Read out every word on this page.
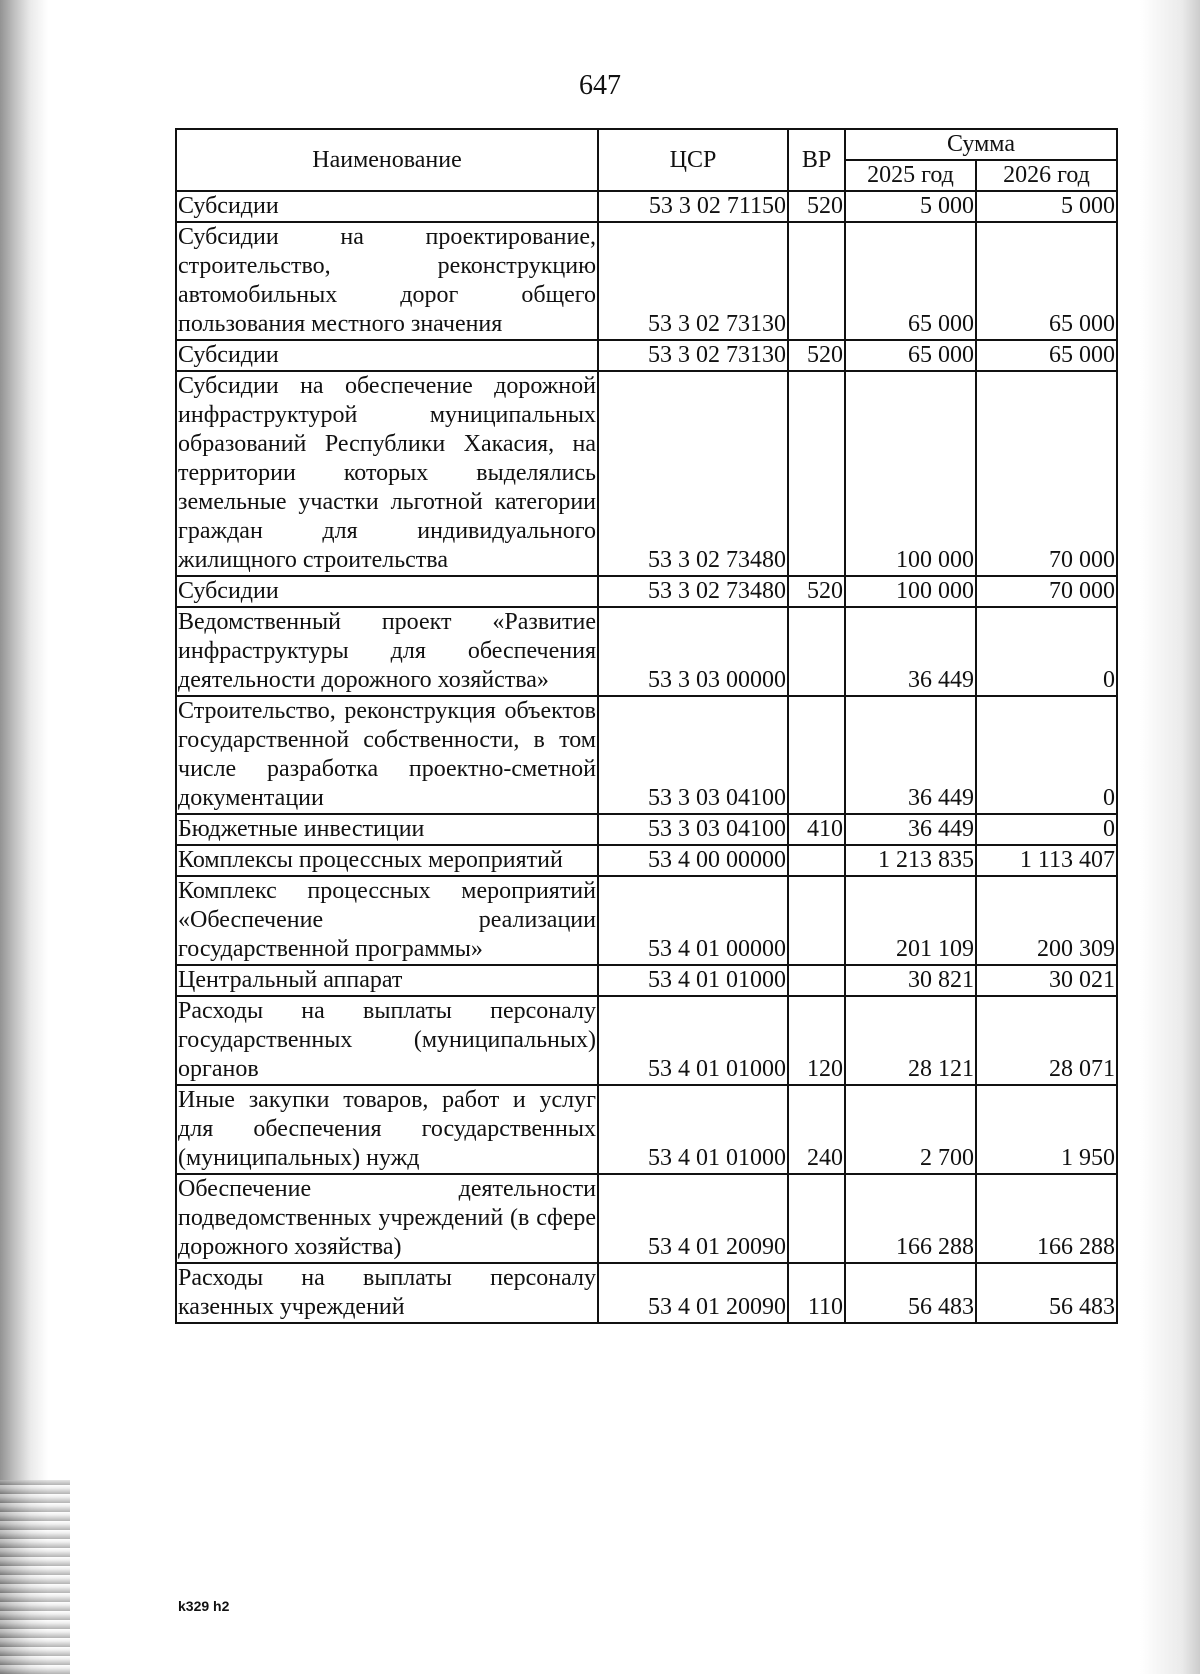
647
Наименование	ЦСР	ВР	Сумма	
			2025 год	2026 год
Субсидии	53 3 02 71150	520	5 000	5 000
Субсидии на проектирование, строительство, реконструкцию автомобильных дорог общего пользования местного значения	53 3 02 73130		65 000	65 000
Субсидии	53 3 02 73130	520	65 000	65 000
Субсидии на обеспечение дорожной инфраструктурой муниципальных образований Республики Хакасия, на территории которых выделялись земельные участки льготной категории граждан для индивидуального жилищного строительства	53 3 02 73480		100 000	70 000
Субсидии	53 3 02 73480	520	100 000	70 000
Ведомственный проект «Развитие инфраструктуры для обеспечения деятельности дорожного хозяйства»	53 3 03 00000		36 449	0
Строительство, реконструкция объектов государственной собственности, в том числе разработка проектно-сметной документации	53 3 03 04100		36 449	0
Бюджетные инвестиции	53 3 03 04100	410	36 449	0
Комплексы процессных мероприятий	53 4 00 00000		1 213 835	1 113 407
Комплекс процессных мероприятий «Обеспечение реализации государственной программы»	53 4 01 00000		201 109	200 309
Центральный аппарат	53 4 01 01000		30 821	30 021
Расходы на выплаты персоналу государственных (муниципальных) органов	53 4 01 01000	120	28 121	28 071
Иные закупки товаров, работ и услуг для обеспечения государственных (муниципальных) нужд	53 4 01 01000	240	2 700	1 950
Обеспечение деятельности подведомственных учреждений (в сфере дорожного хозяйства)	53 4 01 20090		166 288	166 288
Расходы на выплаты персоналу казенных учреждений	53 4 01 20090	110	56 483	56 483
k329 h2
